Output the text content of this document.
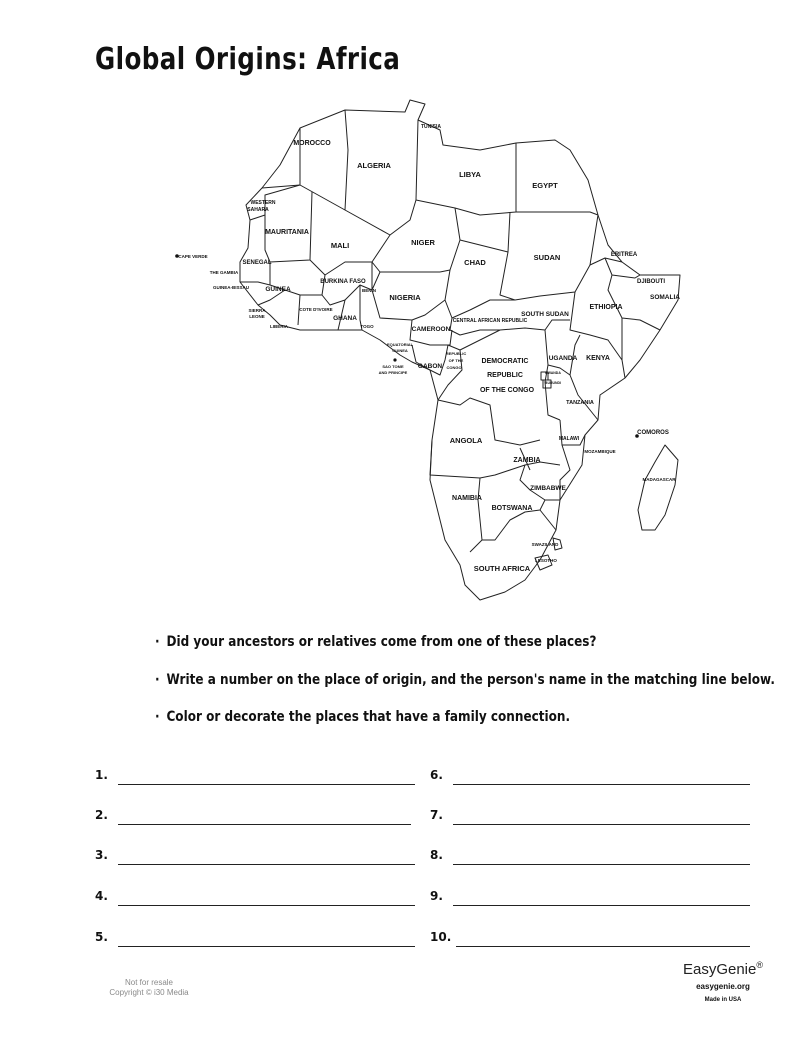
Global Origins: Africa
TUNISIA
MOROCCO
ALGERIA
LIBYA
EGYPT
WESTERN
SAHARA
MAURITANIA
MALI	NIGER
CHAD
SUDAN	ERITREA
DJIBOUTI
SOMALIA
ETHIOPIA
CAPE VERDE
SENEGAL
THE GAMBIA
GUINEA-BISSAU	GUINEA
BURKINA FASO
BENIN
NIGERIA
SIERRA
LEONE
LIBERIA
COTE D'IVOIRE
GHANA
TOGO	CAMEROON
CENTRAL AFRICAN REPUBLIC
SOUTH SUDAN
EQUATORIAL
GUINEA
SAO TOME
AND PRINCIPE
GABON
REPUBLIC
OF THE
CONGO
DEMOCRATIC
REPUBLIC
OF THE CONGO
UGANDA KENYA
RWANDA
BURUNDI
TANZANIA
COMOROS
ANGOLA	MALAWI
ZAMBIA
MOZAMBIQUE
MADAGASCAR
ZIMBABWE
NAMIBIA
BOTSWANA
SWAZILAND
LESOTHO
SOUTH AFRICA
· Did your ancestors or relatives come from one of these places?
· Write a number on the place of origin, and the person's name in the matching line below.
· Color or decorate the places that have a family connection.
1.
2.
3.
4.
5.
6.
7.
8.
9.
10.
Not for resale
Copyright © i30 Media
EasyGenie®
easygenie.org
Made in USA
